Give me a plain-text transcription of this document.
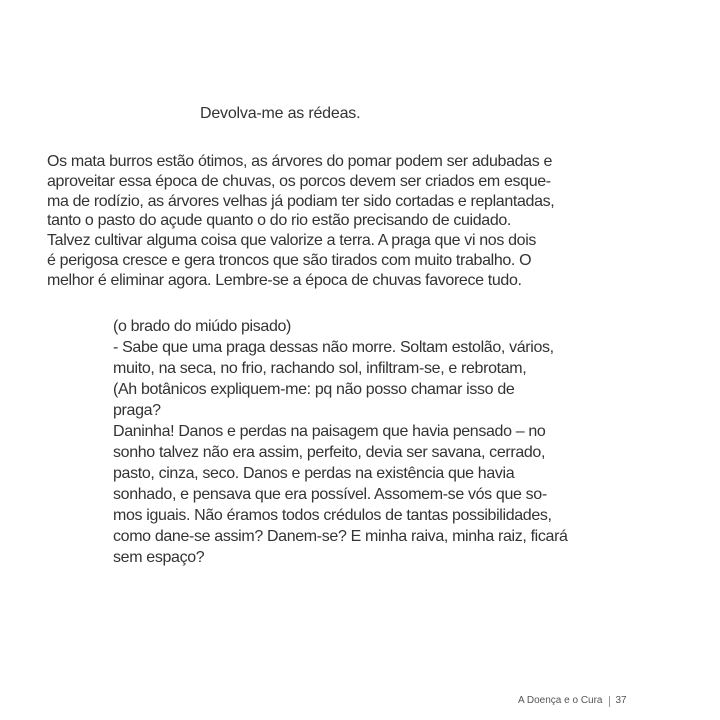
Devolva-me as rédeas.
Os mata burros estão ótimos, as árvores do pomar podem ser adubadas e
aproveitar essa época de chuvas, os porcos devem ser criados em esque-
ma de rodízio, as árvores velhas já podiam ter sido cortadas e replantadas,
tanto o pasto do açude quanto o do rio estão precisando de cuidado.
Talvez cultivar alguma coisa que valorize a terra. A praga que vi nos dois
é perigosa cresce e gera troncos que são tirados com muito trabalho. O
melhor é eliminar agora. Lembre-se a época de chuvas favorece tudo.
(o brado do miúdo pisado)
- Sabe que uma praga dessas não morre. Soltam estolão, vários,
muito, na seca, no frio, rachando sol, infiltram-se, e rebrotam,
(Ah botânicos expliquem-me: pq não posso chamar isso de
praga?
Daninha! Danos e perdas na paisagem que havia pensado – no
sonho talvez não era assim, perfeito, devia ser savana, cerrado,
pasto, cinza, seco. Danos e perdas na existência que havia
sonhado, e pensava que era possível. Assomem-se vós que so-
mos iguais. Não éramos todos crédulos de tantas possibilidades,
como dane-se assim? Danem-se? E minha raiva, minha raiz, ficará
sem espaço?
A Doença e o Cura 37
